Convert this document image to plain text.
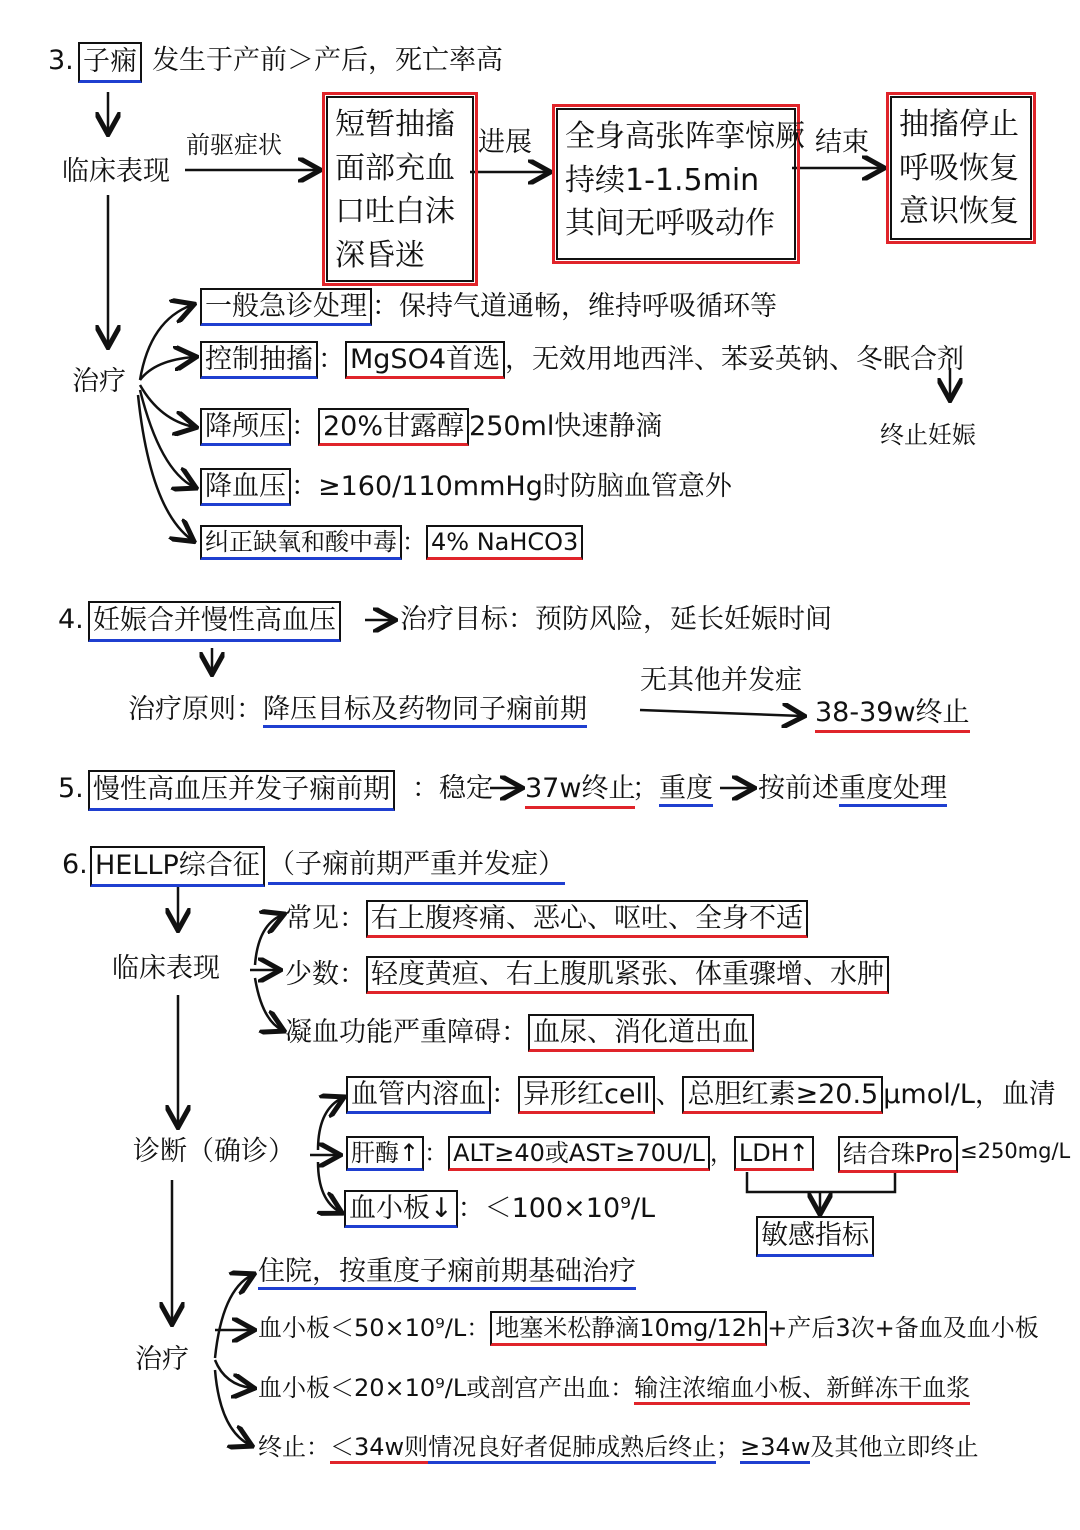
3. 子痫 发生于产前＞产后，死亡率高
临床表现
前驱症状
短暂抽搐
面部充血
口吐白沫
深昏迷
进展 全身高张阵挛惊厥
持续1-1.5min
其间无呼吸动作
结束
抽搐停止
呼吸恢复
意识恢复
治疗
一般急诊处理 ：保持气道通畅，维持呼吸循环等
控制抽搐 ： MgSO4首选 ，无效用地西泮、苯妥英钠、冬眠合剂
降颅压 ： 20%甘露醇 250ml快速静滴
降血压 ：≥160/110mmHg时防脑血管意外
纠正缺氧和酸中毒 ： 4% NaHCO3
终止妊娠
4. 妊娠合并慢性高血压 治疗目标：预防风险，延长妊娠时间
治疗原则：降压目标及药物同子痫前期
无其他并发症
38-39w终止
5. 慢性高血压并发子痫前期 ：稳定 37w终止
；重度 按前述重度处理
6. HELLP综合征 （子痫前期严重并发症）
临床表现
常见： 右上腹疼痛、恶心、呕吐、全身不适
少数： 轻度黄疸、右上腹肌紧张、体重骤增、水肿
凝血功能严重障碍： 血尿、消化道出血
诊断（确诊）
血管内溶血 ： 异形红cell 、 总胆红素≥20.5 μmol/L，血清
肝酶↑ ： ALT≥40或AST≥70U/L ， LDH↑ 结合珠Pro ≤250mg/L
血小板↓ ：＜100×10⁹/L
敏感指标
治疗
住院，按重度子痫前期基础治疗
血小板＜50×10⁹/L： 地塞米松静滴10mg/12h +产后3次+备血及血小板
血小板＜20×10⁹/L或剖宫产出血：输注浓缩血小板、新鲜冻干血浆
终止：＜34w则情况良好者促肺成熟后终止；≥34w及其他立即终止
